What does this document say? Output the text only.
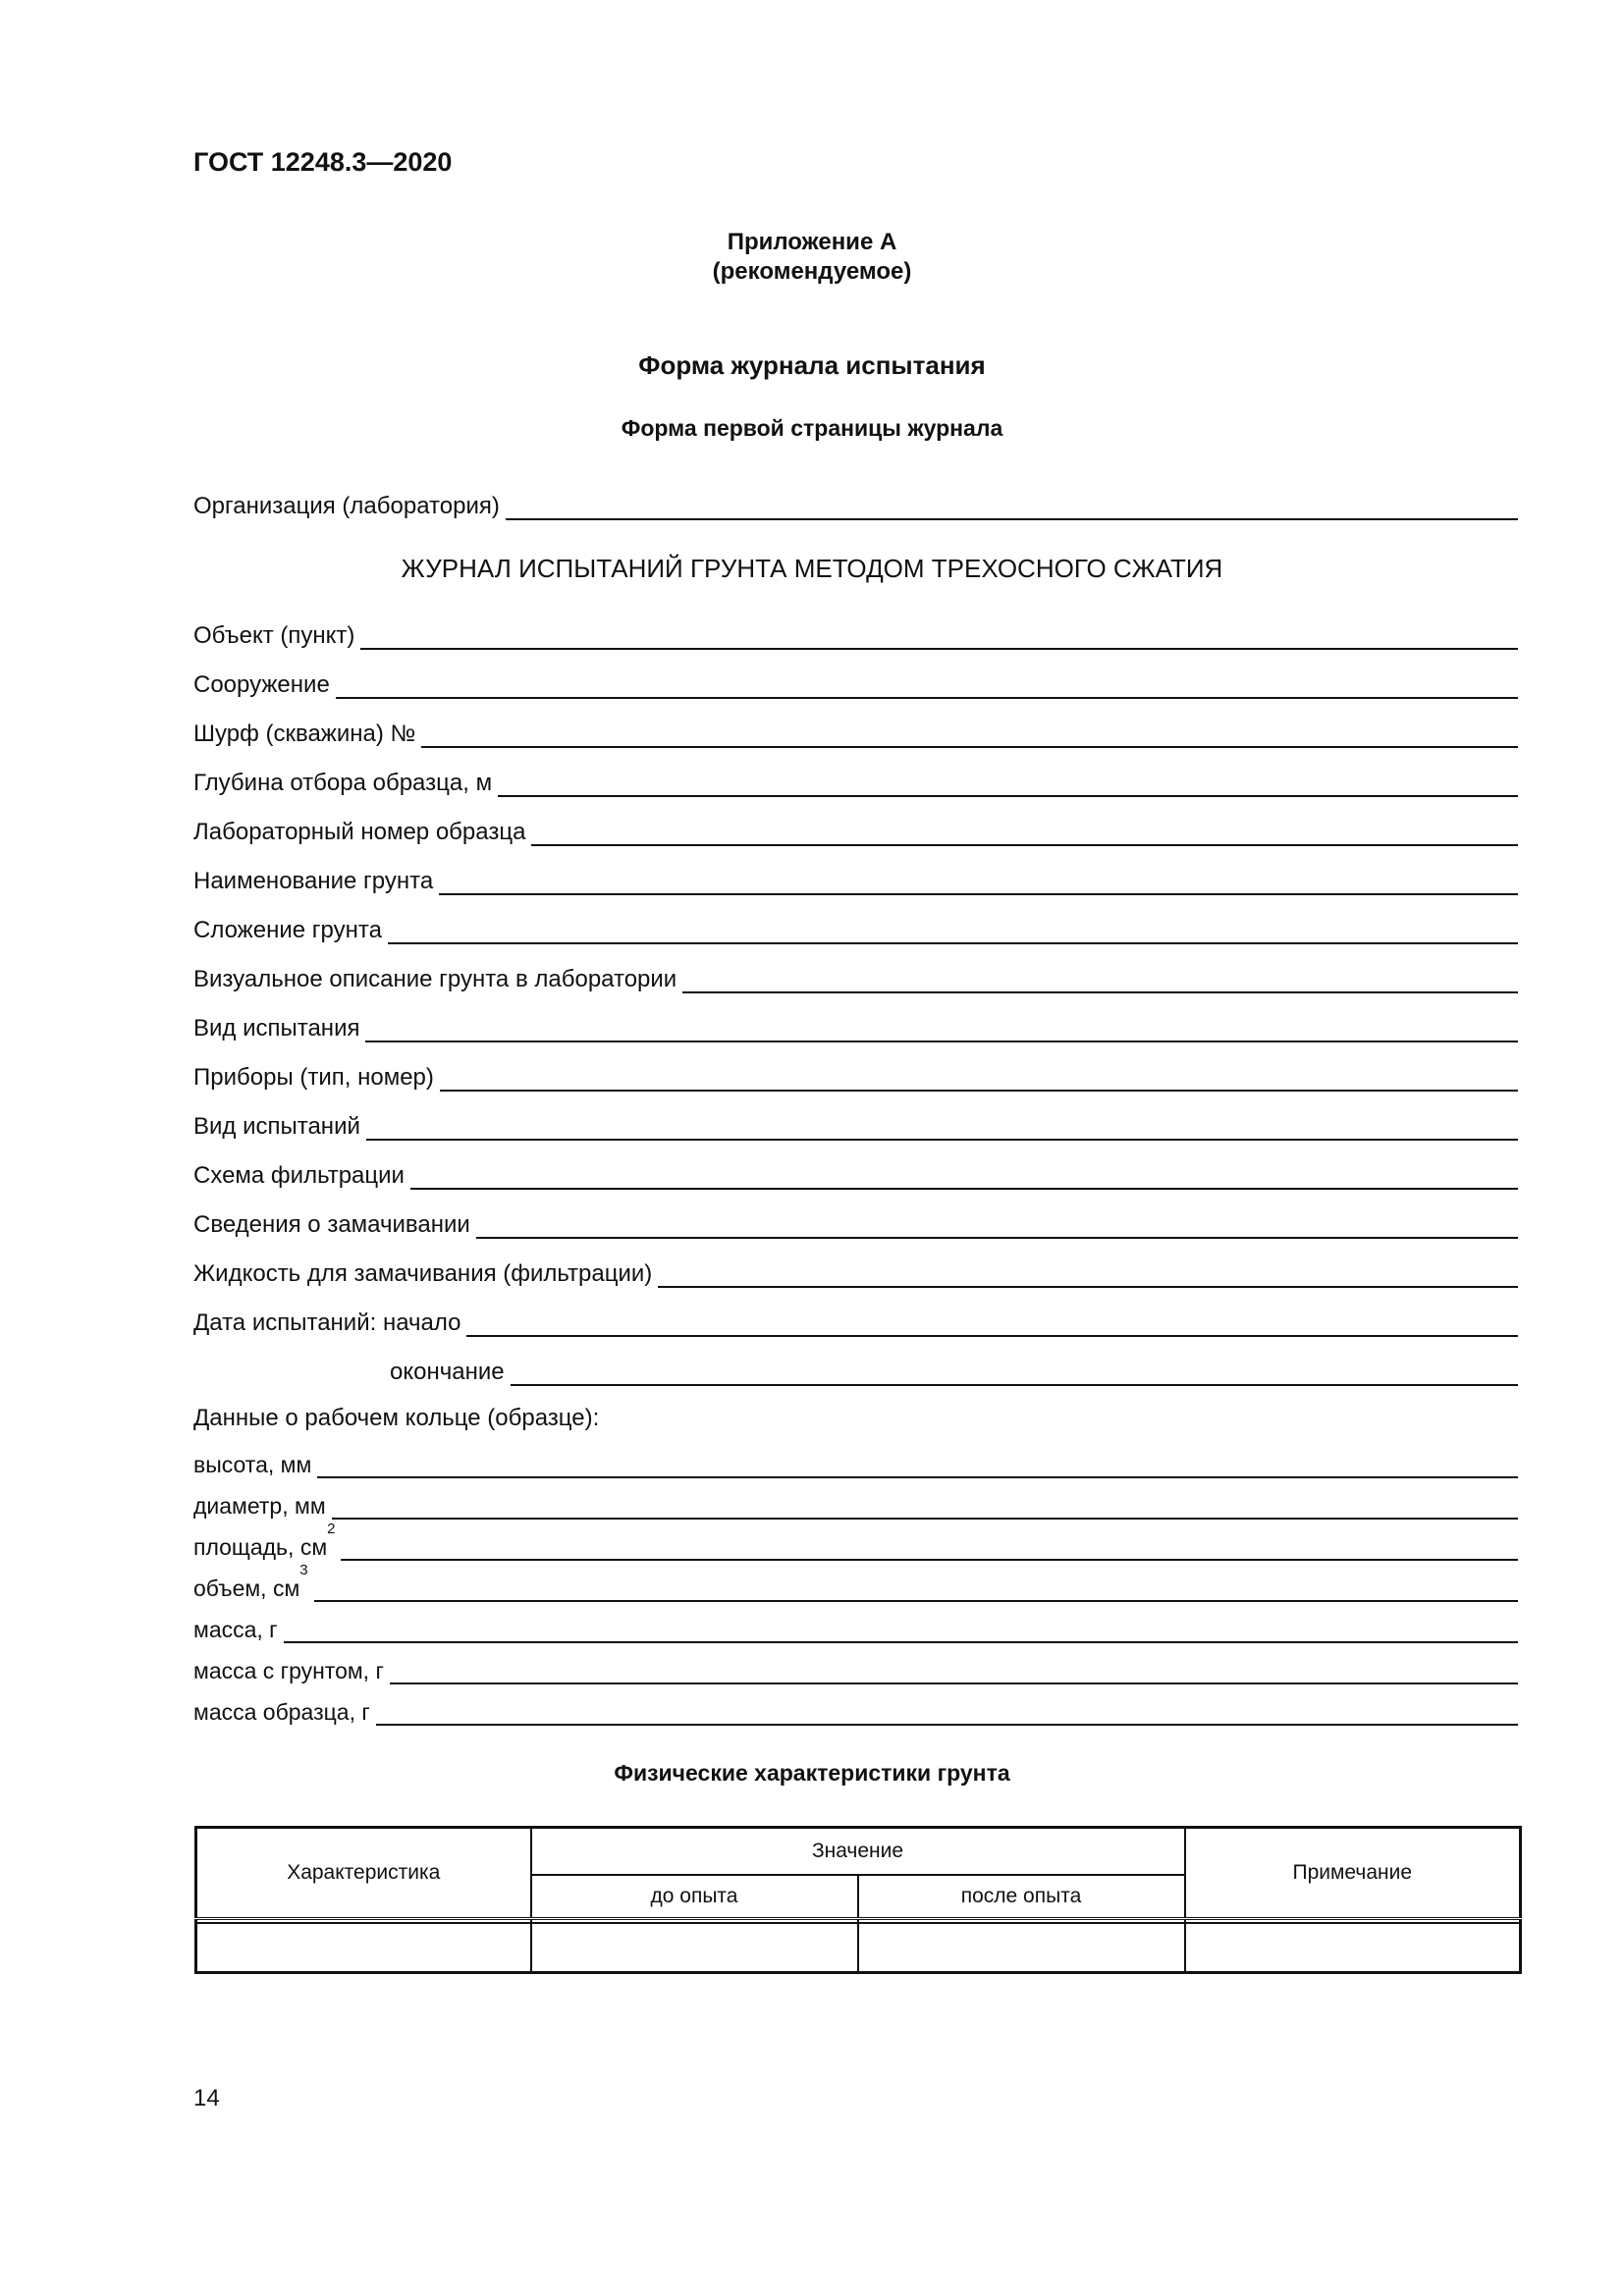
ГОСТ 12248.3—2020
Приложение А
(рекомендуемое)
Форма журнала испытания
Форма первой страницы журнала
Организация (лаборатория)
ЖУРНАЛ ИСПЫТАНИЙ ГРУНТА МЕТОДОМ ТРЕХОСНОГО СЖАТИЯ
Объект (пункт)
Сооружение
Шурф (скважина) №
Глубина отбора образца, м
Лабораторный номер образца
Наименование грунта
Сложение грунта
Визуальное описание грунта в лаборатории
Вид испытания
Приборы (тип, номер)
Вид испытаний
Схема фильтрации
Сведения о замачивании
Жидкость для замачивания (фильтрации)
Дата испытаний: начало
окончание
Данные о рабочем кольце (образце):
высота, мм
диаметр, мм
площадь, $см^2$
объем, $см^3$
масса, г
масса с грунтом, г
масса образца, г
Физические характеристики грунта
Характеристика	Значение		Примечание
	до опыта	после опыта	

14
